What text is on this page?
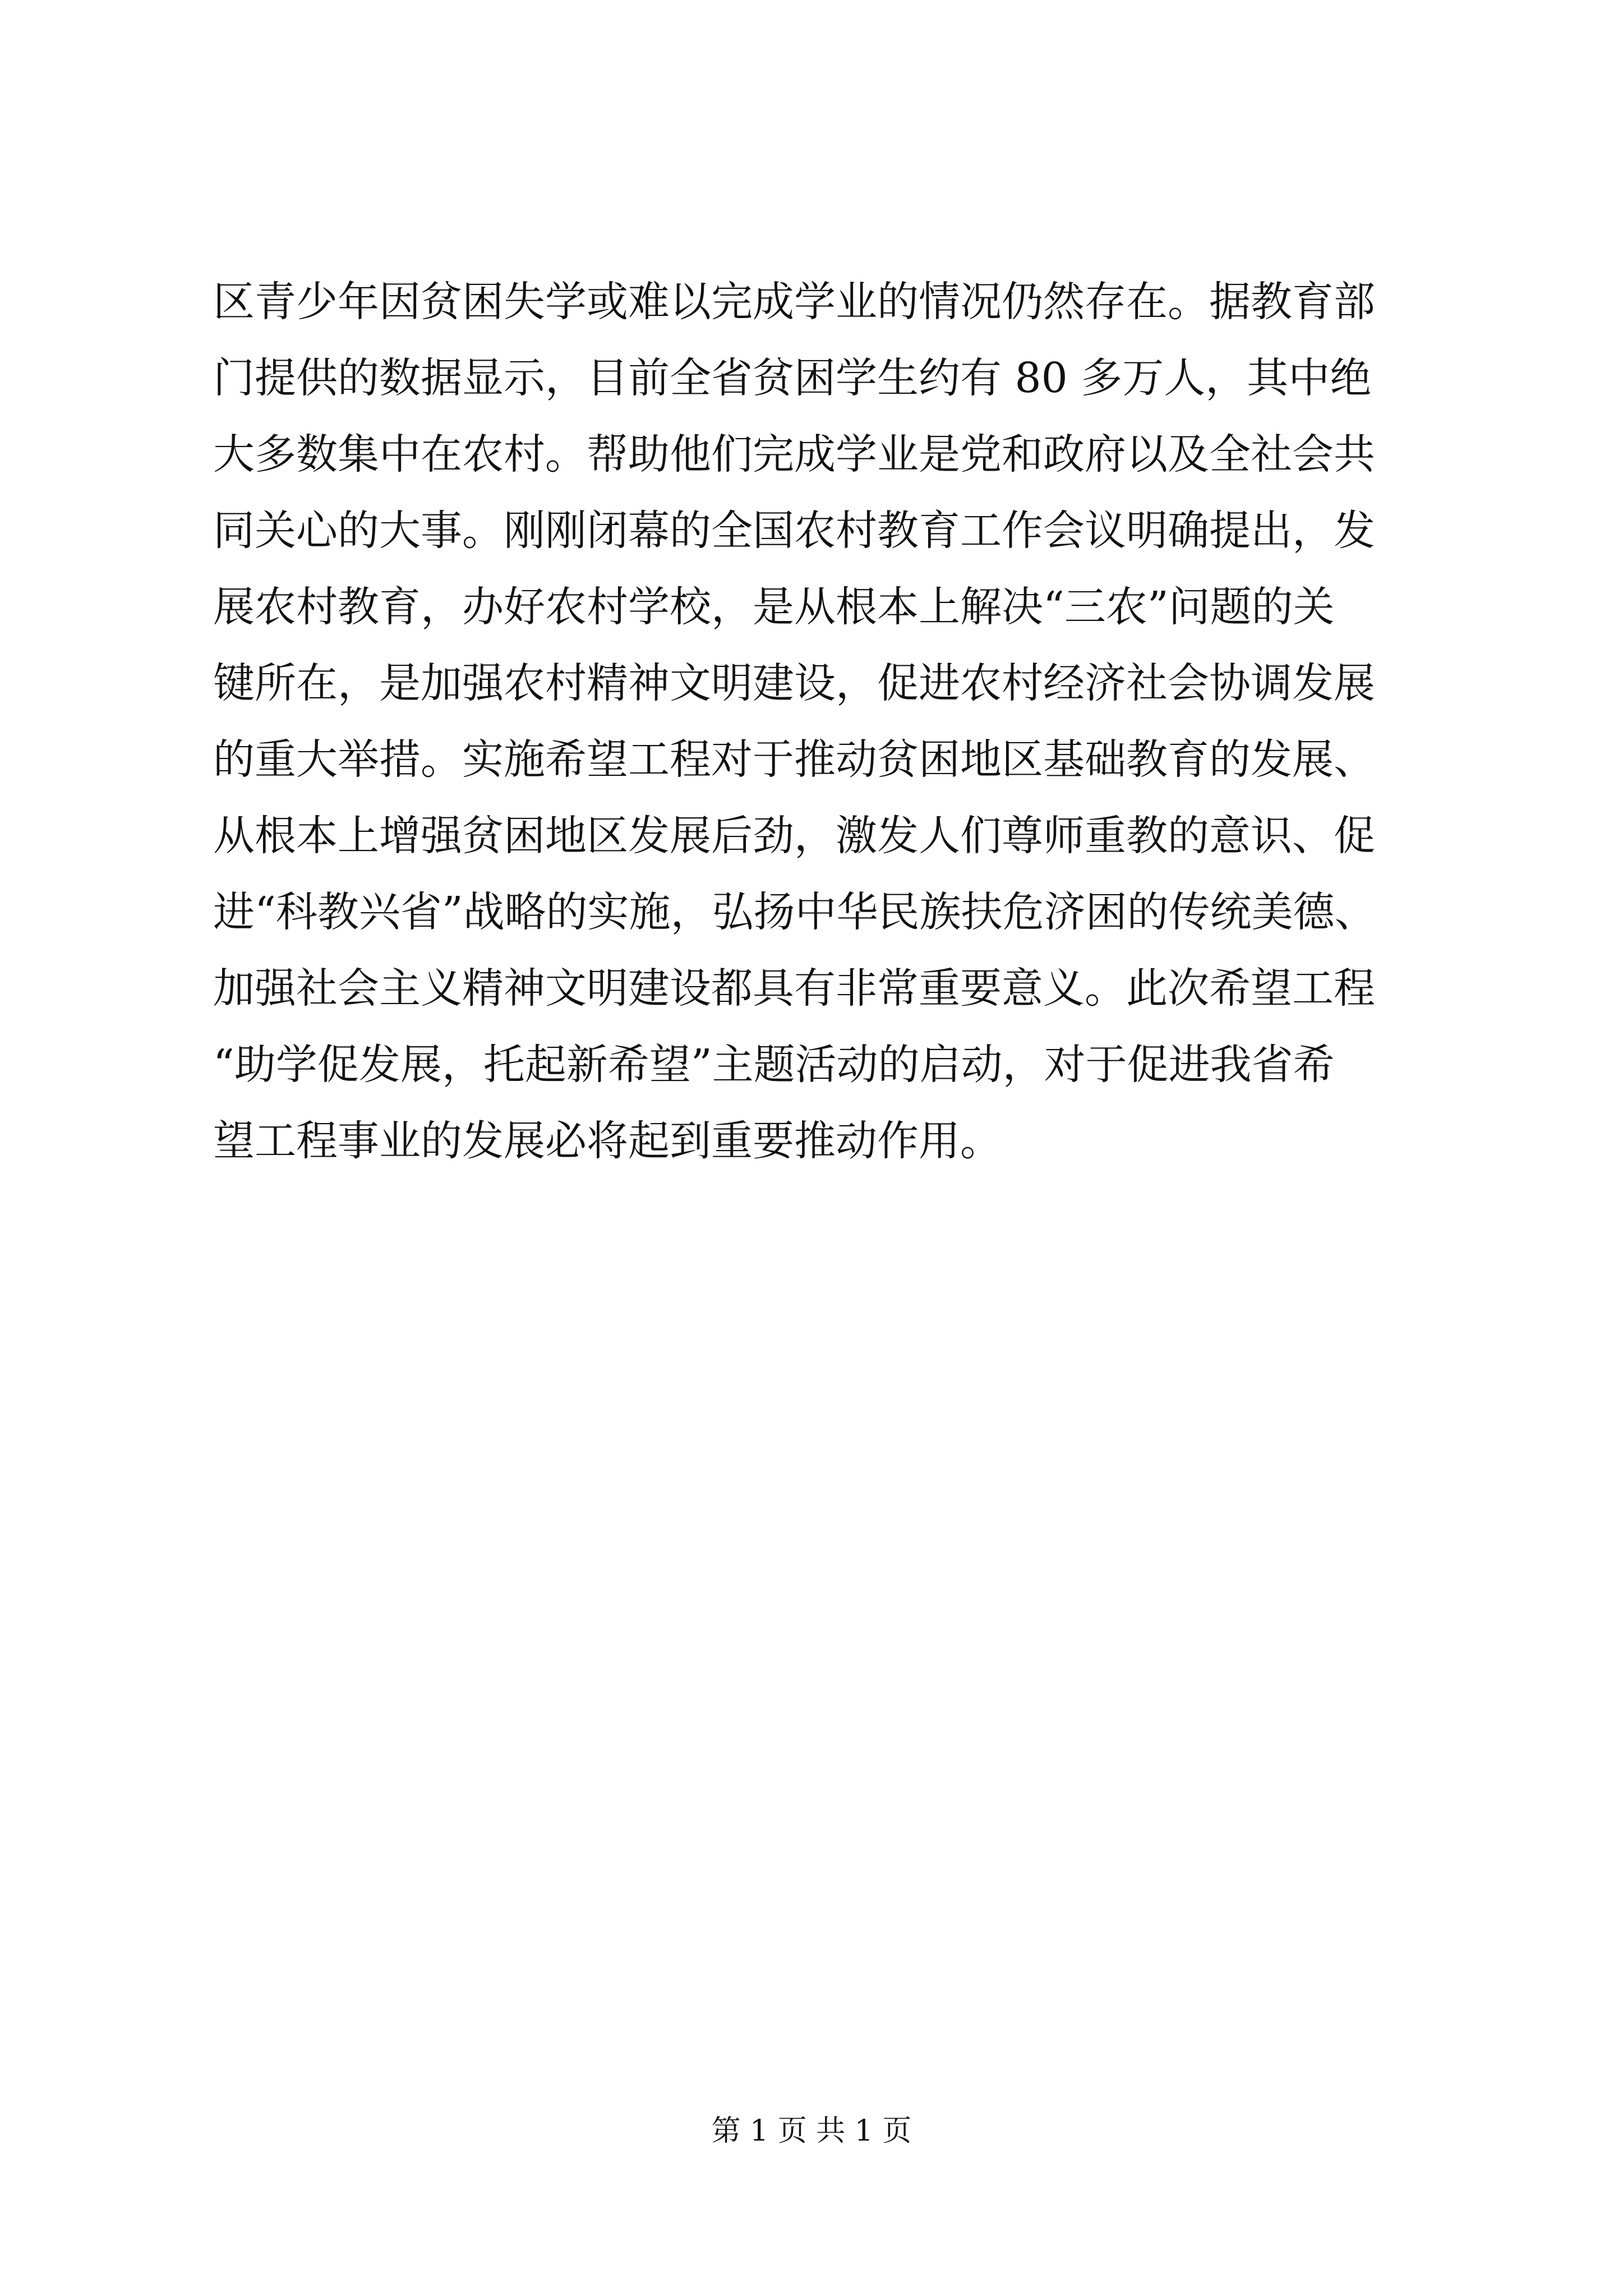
区青少年因贫困失学或难以完成学业的情况仍然存在。据教育部
门提供的数据显示，目前全省贫困学生约有 80 多万人，其中绝
大多数集中在农村。帮助他们完成学业是党和政府以及全社会共
同关心的大事。刚刚闭幕的全国农村教育工作会议明确提出，发
展农村教育，办好农村学校，是从根本上解决“三农”问题的关
键所在，是加强农村精神文明建设，促进农村经济社会协调发展
的重大举措。实施希望工程对于推动贫困地区基础教育的发展、
从根本上增强贫困地区发展后劲，激发人们尊师重教的意识、促
进“科教兴省”战略的实施，弘扬中华民族扶危济困的传统美德、
加强社会主义精神文明建设都具有非常重要意义。此次希望工程
“助学促发展，托起新希望”主题活动的启动，对于促进我省希
望工程事业的发展必将起到重要推动作用。
第 1 页 共 1 页
